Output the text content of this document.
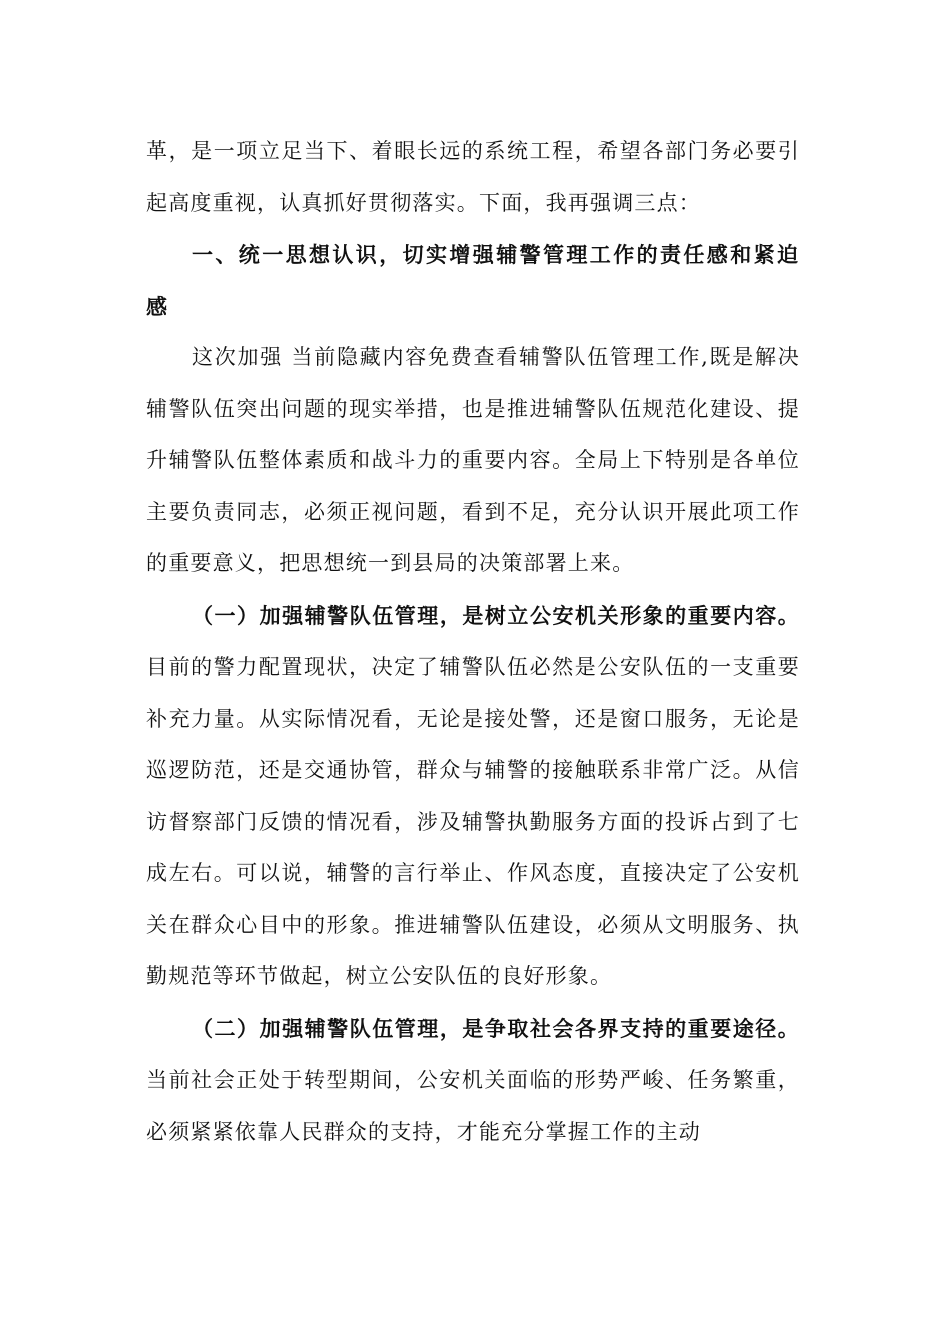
革，是一项立足当下、着眼长远的系统工程，希望各部门务必要引起高度重视，认真抓好贯彻落实。下面，我再强调三点：

一、统一思想认识，切实增强辅警管理工作的责任感和紧迫感

这次加强 当前隐藏内容免费查看辅警队伍管理工作,既是解决辅警队伍突出问题的现实举措，也是推进辅警队伍规范化建设、提升辅警队伍整体素质和战斗力的重要内容。全局上下特别是各单位主要负责同志，必须正视问题，看到不足，充分认识开展此项工作的重要意义，把思想统一到县局的决策部署上来。

（一）加强辅警队伍管理，是树立公安机关形象的重要内容。目前的警力配置现状，决定了辅警队伍必然是公安队伍的一支重要补充力量。从实际情况看，无论是接处警，还是窗口服务，无论是巡逻防范，还是交通协管，群众与辅警的接触联系非常广泛。从信访督察部门反馈的情况看，涉及辅警执勤服务方面的投诉占到了七成左右。可以说，辅警的言行举止、作风态度，直接决定了公安机关在群众心目中的形象。推进辅警队伍建设，必须从文明服务、执勤规范等环节做起，树立公安队伍的良好形象。

（二）加强辅警队伍管理，是争取社会各界支持的重要途径。当前社会正处于转型期间，公安机关面临的形势严峻、任务繁重，必须紧紧依靠人民群众的支持，才能充分掌握工作的主动
